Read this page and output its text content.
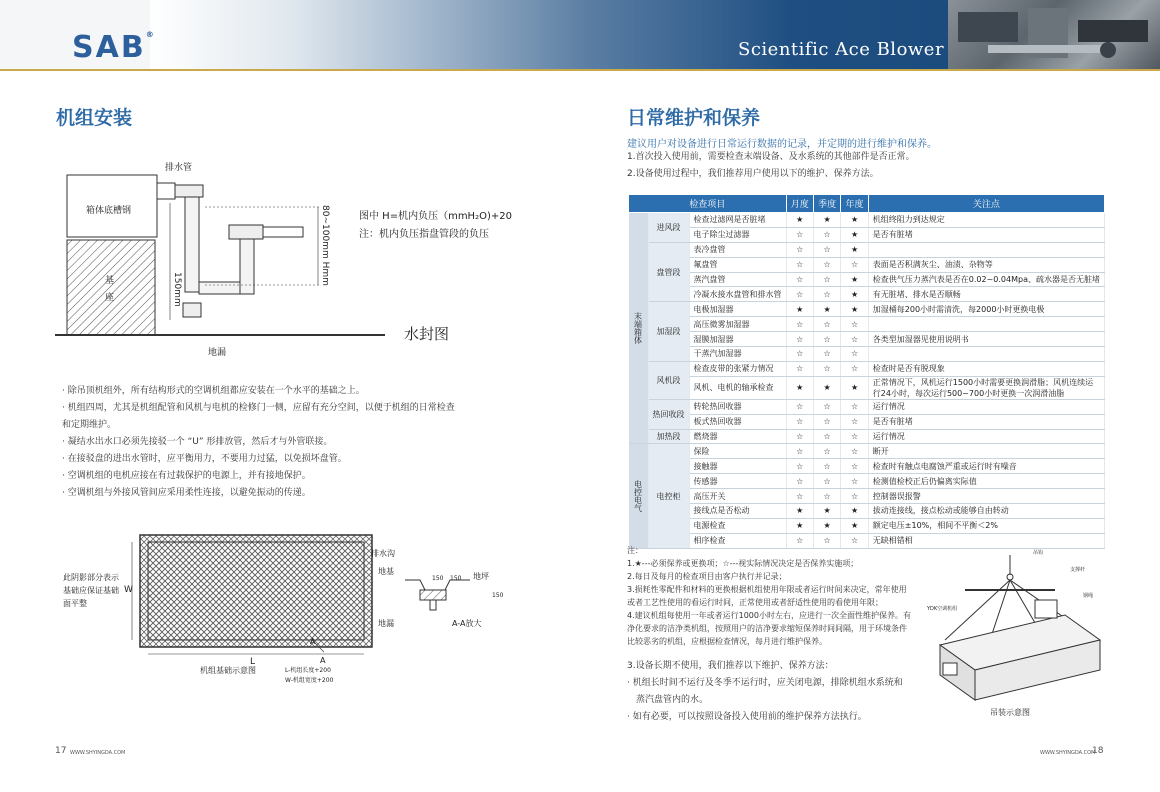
SAB®
Scientific Ace Blower
机组安装
排水管
箱体底槽钢
基
座
80~100mm Hmm
150mm
图中 H=机内负压（mmH₂O)+20
注：机内负压指盘管段的负压
水封图
地漏
· 除吊顶机组外，所有结构形式的空调机组都应安装在一个水平的基础之上。
· 机组四周，尤其是机组配管和风机与电机的检修门一侧，应留有充分空间，以便于机组的日常检查和定期维护。
· 凝结水出水口必须先接驳一个 “U” 形排放管，然后才与外管联接。
· 在接驳盘的进出水管时，应平衡用力，不要用力过猛，以免损坏盘管。
· 空调机组的电机应接在有过载保护的电源上，并有接地保护。
· 空调机组与外接风管间应采用柔性连接，以避免振动的传递。
此阴影部分表示
基础应保证基础
面平整
W
L
A
A
排水沟
地基
地漏
地坪
150 150
150
A-A放大
机组基础示意图	L-机组长度+200
W-机组宽度+200
17 WWW.SHYINGDA.COM
日常维护和保养
建议用户对设备进行日常运行数据的记录，并定期的进行维护和保养。
1.首次投入使用前，需要检查末端设备、及水系统的其他部件是否正常。
2.设备使用过程中，我们推荐用户使用以下的维护、保养方法。
检查项目			月度	季度	年度	关注点
末端箱体	进风段	检查过滤网是否脏堵	★	★	★	机组终阻力到达规定

		电子除尘过滤器	☆	☆	★	是否有脏堵

	盘管段	表冷盘管	☆	☆	★	

		氟盘管	☆	☆	☆	表面是否积满灰尘、油渍、杂物等

		蒸汽盘管	☆	☆	★	检查供气压力蒸汽表是否在0.02~0.04Mpa、疏水器是否无脏堵

		冷凝水接水盘管和排水管	☆	☆	★	有无脏堵、排水是否顺畅

	加湿段	电极加湿器	★	★	★	加湿桶每200小时需清洗，每2000小时更换电极

		高压微雾加湿器	☆	☆	☆	

		湿膜加湿器	☆	☆	☆	各类型加湿器见使用说明书

		干蒸汽加湿器	☆	☆	☆	

	风机段	检查皮带的张紧力情况	☆	☆	☆	检查时是否有脱现象

		风机、电机的轴承检查	★	★	★	正常情况下，风机运行1500小时需要更换润滑脂；风机连续运
行24小时，每次运行500~700小时更换一次润滑油脂

	热回收段	转轮热回收器	☆	☆	☆	运行情况

		板式热回收器	☆	☆	☆	是否有脏堵

	加热段	燃烧器	☆	☆	☆	运行情况

电控电气	电控柜	保险	☆	☆	☆	断开

		接触器	☆	☆	☆	检查时有触点电腐蚀严重或运行时有噪音

		传感器	☆	☆	☆	检测值检校正后仍偏离实际值

		高压开关	☆	☆	☆	控制器误报警

		接线点是否松动	★	★	★	拔动连接线，接点松动或能够自由转动

		电源检查	★	★	★	额定电压±10%，相间不平衡＜2%

		相序检查	☆	☆	☆	无缺相错相
注：
1.★---必须保养或更换项；☆---视实际情况决定是否保养实施项；
2.每日及每月的检查项目由客户执行并记录；
3.损耗性零配件和材料的更换根据机组使用年限或者运行时间来决定，常年使用
或者工艺性使用的看运行时间，正常使用或者舒适性使用的看使用年限；
4.建议机组每使用一年或者运行1000小时左右，应进行一次全面性维护保养。有
净化要求的洁净类机组，按照用户的洁净要求缩短保养时间间隔，用于环境条件
比较恶劣的机组，应根据检查情况，每月进行维护保养。
3.设备长期不使用，我们推荐以下维护、保养方法：
· 机组长时间不运行及冬季不运行时，应关闭电源，排除机组水系统和
蒸汽盘管内的水。
· 如有必要，可以按照设备投入使用前的维护保养方法执行。
吊钩
支撑杆
钢绳
YDK空调机组
吊装示意图
WWW.SHYINGDA.COM
18
